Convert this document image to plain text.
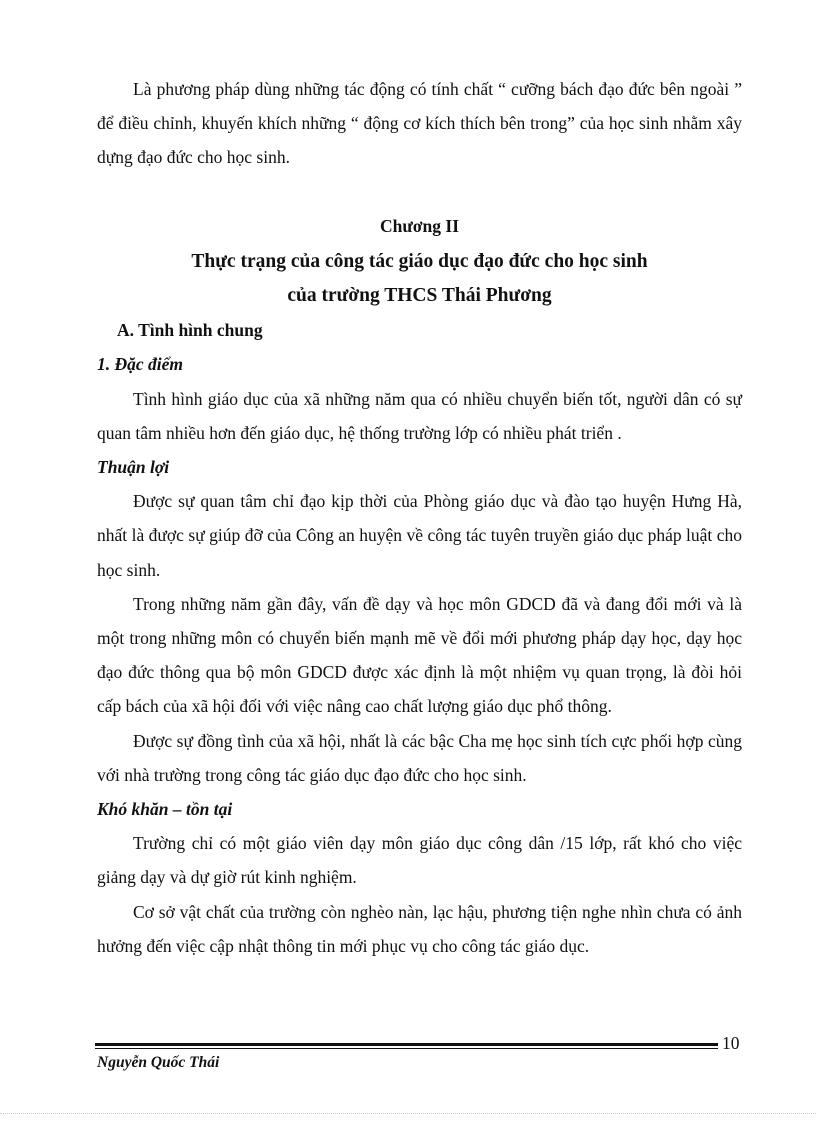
Là phương pháp dùng những tác động có tính chất “ cưỡng bách đạo đức bên ngoài ” để điều chỉnh, khuyến khích những “ động cơ kích thích bên trong” của học sinh nhằm xây dựng đạo đức cho học sinh.

Chương II

Thực trạng của công tác giáo dục đạo đức cho học sinh

của trường THCS Thái Phương

A. Tình hình chung

1. Đặc điểm

Tình hình giáo dục của xã những năm qua có nhiều chuyển biến tốt, người dân có sự quan tâm nhiều hơn đến giáo dục, hệ thống trường lớp có nhiều phát triển .

Thuận lợi

Được sự quan tâm chỉ đạo kịp thời của Phòng giáo dục và đào tạo huyện Hưng Hà, nhất là được sự giúp đỡ của Công an huyện về công tác tuyên truyền giáo dục pháp luật cho học sinh.

Trong những năm gần đây, vấn đề dạy và học môn GDCD đã và đang đổi mới và là một trong những môn có chuyển biến mạnh mẽ về đổi mới phương pháp dạy học, dạy học đạo đức thông qua bộ môn GDCD được xác định là một nhiệm vụ quan trọng, là đòi hỏi cấp bách của xã hội đối với việc nâng cao chất lượng giáo dục phổ thông.

Được sự đồng tình của xã hội, nhất là các bậc Cha mẹ học sinh tích cực phối hợp cùng với nhà trường trong công tác giáo dục đạo đức cho học sinh.

Khó khăn – tồn tại

Trường chỉ có một giáo viên dạy môn giáo dục công dân /15 lớp, rất khó cho việc giảng dạy và dự giờ rút kinh nghiệm.

Cơ sở vật chất của trường còn nghèo nàn, lạc hậu, phương tiện nghe nhìn chưa có ảnh hưởng đến việc cập nhật thông tin mới phục vụ cho công tác giáo dục.

10
Nguyễn Quốc Thái
